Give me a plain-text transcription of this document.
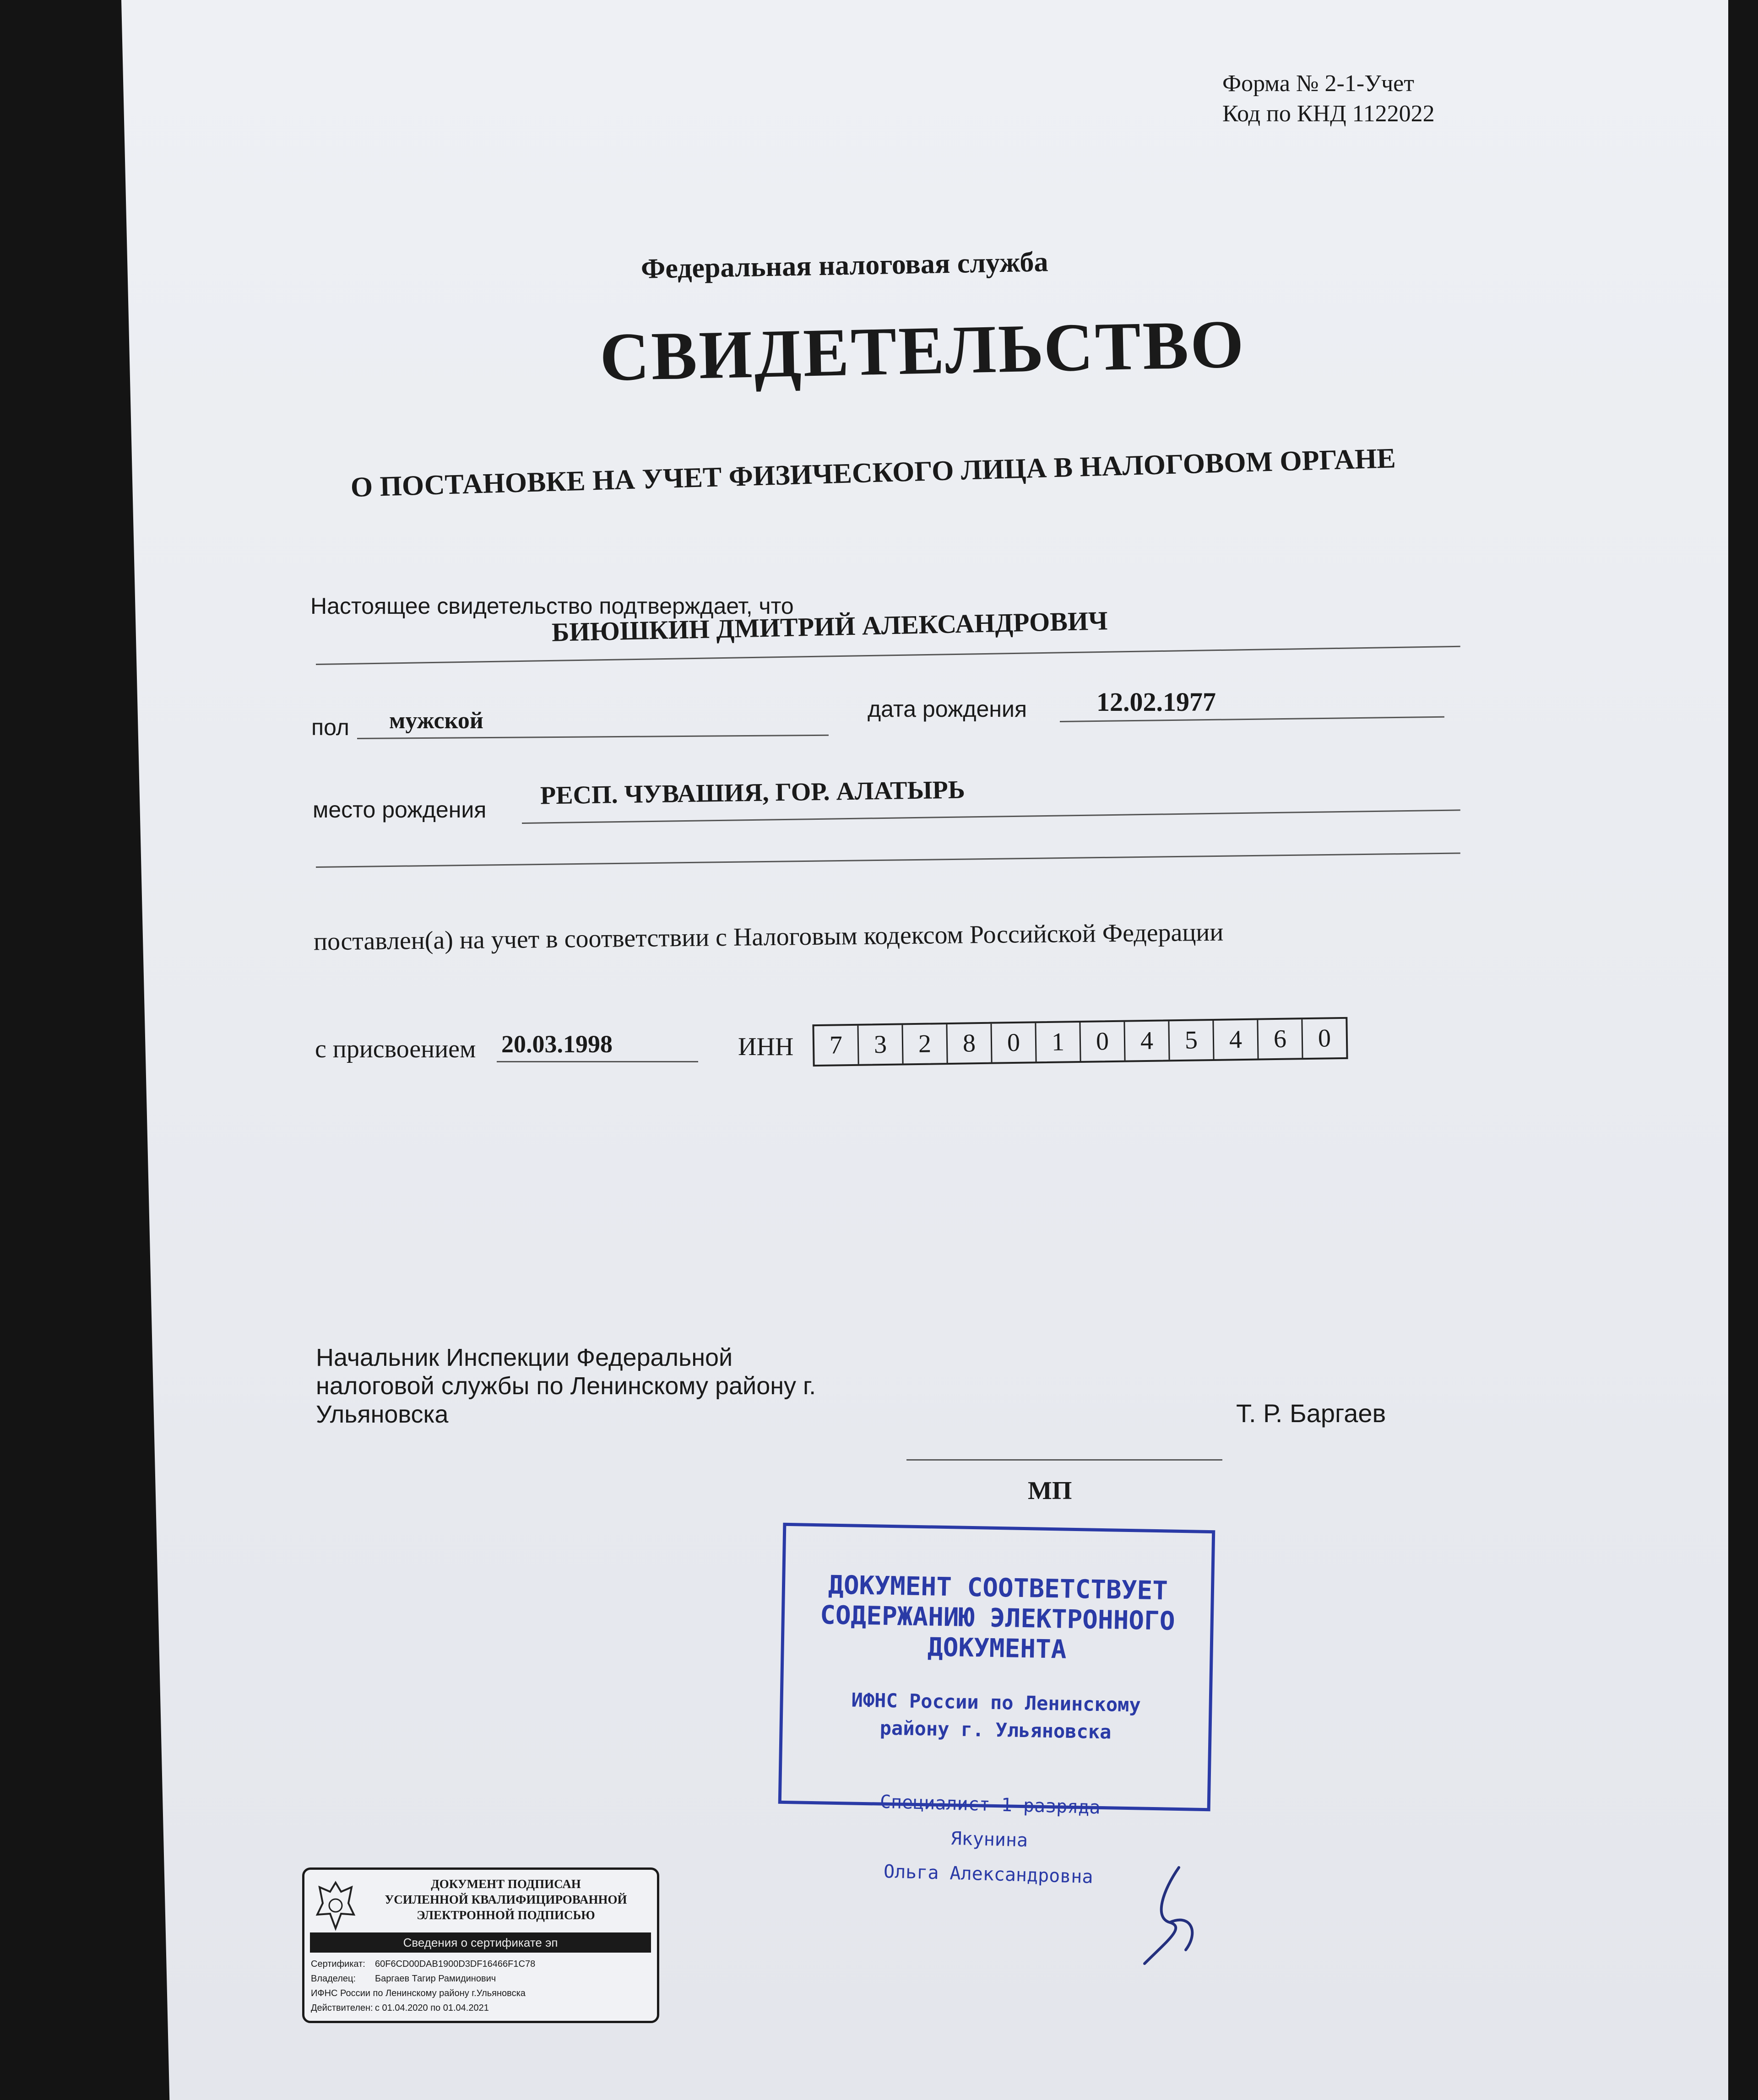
Форма № 2-1-Учет
Код по КНД 1122022
Федеральная налоговая служба
СВИДЕТЕЛЬСТВО
О ПОСТАНОВКЕ НА УЧЕТ ФИЗИЧЕСКОГО ЛИЦА В НАЛОГОВОМ ОРГАНЕ
Настоящее свидетельство подтверждает, что
БИЮШКИН ДМИТРИЙ АЛЕКСАНДРОВИЧ
пол мужской	дата рождения	12.02.1977
место рождения РЕСП. ЧУВАШИЯ, ГОР. АЛАТЫРЬ
поставлен(а) на учет в соответствии с Налоговым кодексом Российской Федерации
с присвоением 20.03.1998	ИНН	7	3	2	8	0	1	0	4	5	4	6	0
Начальник Инспекции Федеральной
налоговой службы по Ленинскому району г.
Ульяновска	Т. Р. Баргаев
МП
ДОКУМЕНТ СООТВЕТСТВУЕТ
СОДЕРЖАНИЮ ЭЛЕКТРОННОГО
ДОКУМЕНТА
ИФНС России по Ленинскому
району г. Ульяновска
Специалист 1 разряда
Якунина
Ольга Александровна
ДОКУМЕНТ ПОДПИСАН
УСИЛЕННОЙ КВАЛИФИЦИРОВАННОЙ
ЭЛЕКТРОННОЙ ПОДПИСЬЮ
Сведения о сертификате эп
Сертификат: 60F6CD00DAB1900D3DF16466F1C78
Владелец: Баргаев Тагир Рамидинович
ИФНС России по Ленинскому району г.Ульяновска
Действителен: с 01.04.2020 по 01.04.2021
